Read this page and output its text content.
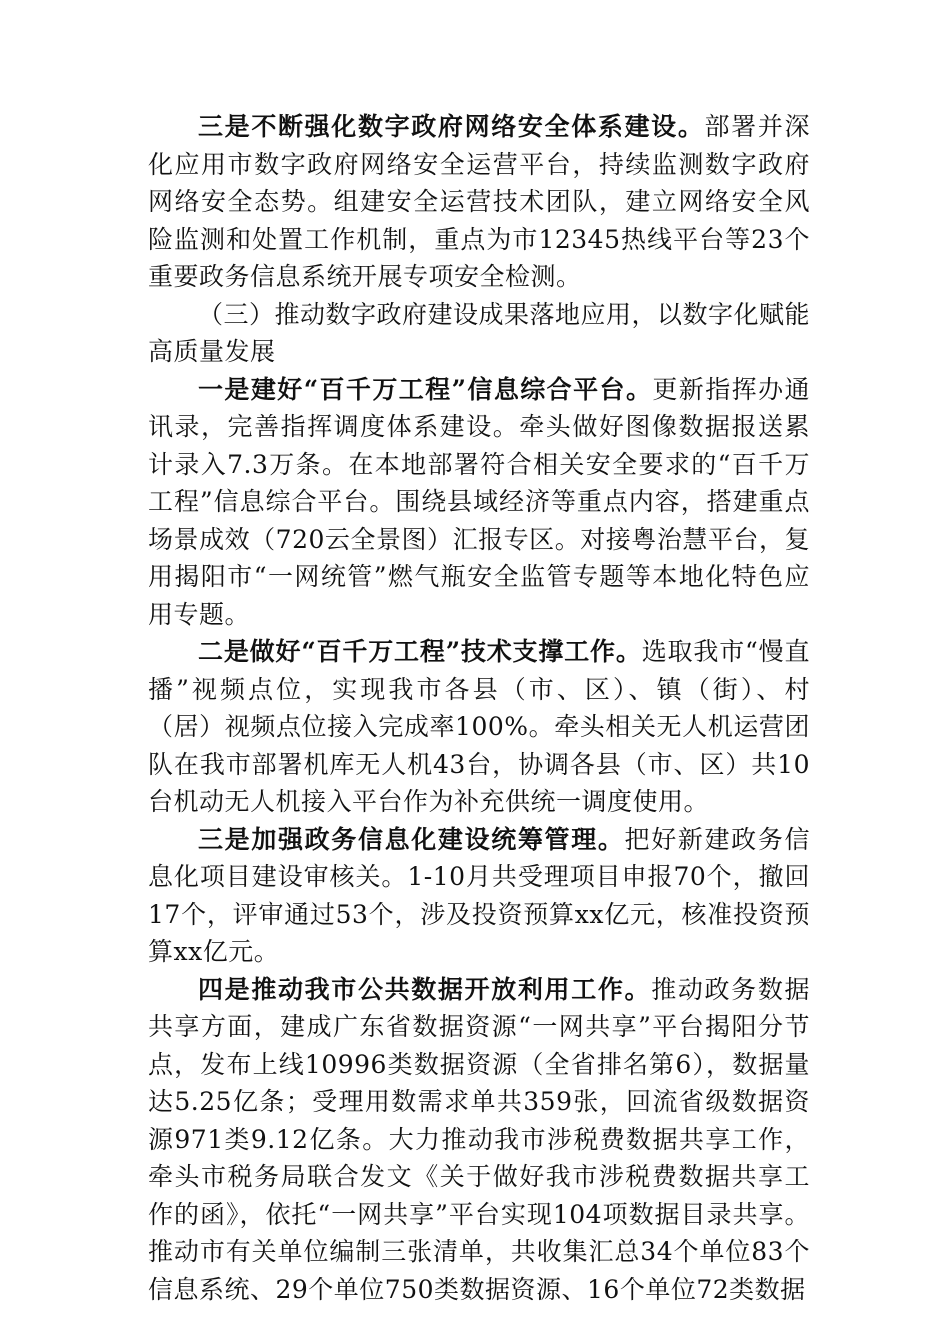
三是不断强化数字政府网络安全体系建设。部署并深化应用市数字政府网络安全运营平台，持续监测数字政府网络安全态势。组建安全运营技术团队，建立网络安全风险监测和处置工作机制，重点为市12345热线平台等23个重要政务信息系统开展专项安全检测。

（三）推动数字政府建设成果落地应用，以数字化赋能高质量发展

一是建好“百千万工程”信息综合平台。更新指挥办通讯录，完善指挥调度体系建设。牵头做好图像数据报送累计录入7.3万条。在本地部署符合相关安全要求的“百千万工程”信息综合平台。围绕县域经济等重点内容，搭建重点场景成效（720云全景图）汇报专区。对接粤治慧平台，复用揭阳市“一网统管”燃气瓶安全监管专题等本地化特色应用专题。

二是做好“百千万工程”技术支撑工作。选取我市“慢直播”视频点位，实现我市各县（市、区）、镇（街）、村（居）视频点位接入完成率100%。牵头相关无人机运营团队在我市部署机库无人机43台，协调各县（市、区）共10台机动无人机接入平台作为补充供统一调度使用。

三是加强政务信息化建设统筹管理。把好新建政务信息化项目建设审核关。1-10月共受理项目申报70个，撤回17个，评审通过53个，涉及投资预算xx亿元，核准投资预算xx亿元。

四是推动我市公共数据开放利用工作。推动政务数据共享方面，建成广东省数据资源“一网共享”平台揭阳分节点，发布上线10996类数据资源（全省排名第6），数据量达5.25亿条；受理用数需求单共359张，回流省级数据资源971类9.12亿条。大力推动我市涉税费数据共享工作，牵头市税务局联合发文《关于做好我市涉税费数据共享工作的函》，依托“一网共享”平台实现104项数据目录共享。推动市有关单位编制三张清单，共收集汇总34个单位83个信息系统、29个单位750类数据资源、16个单位72类数据
